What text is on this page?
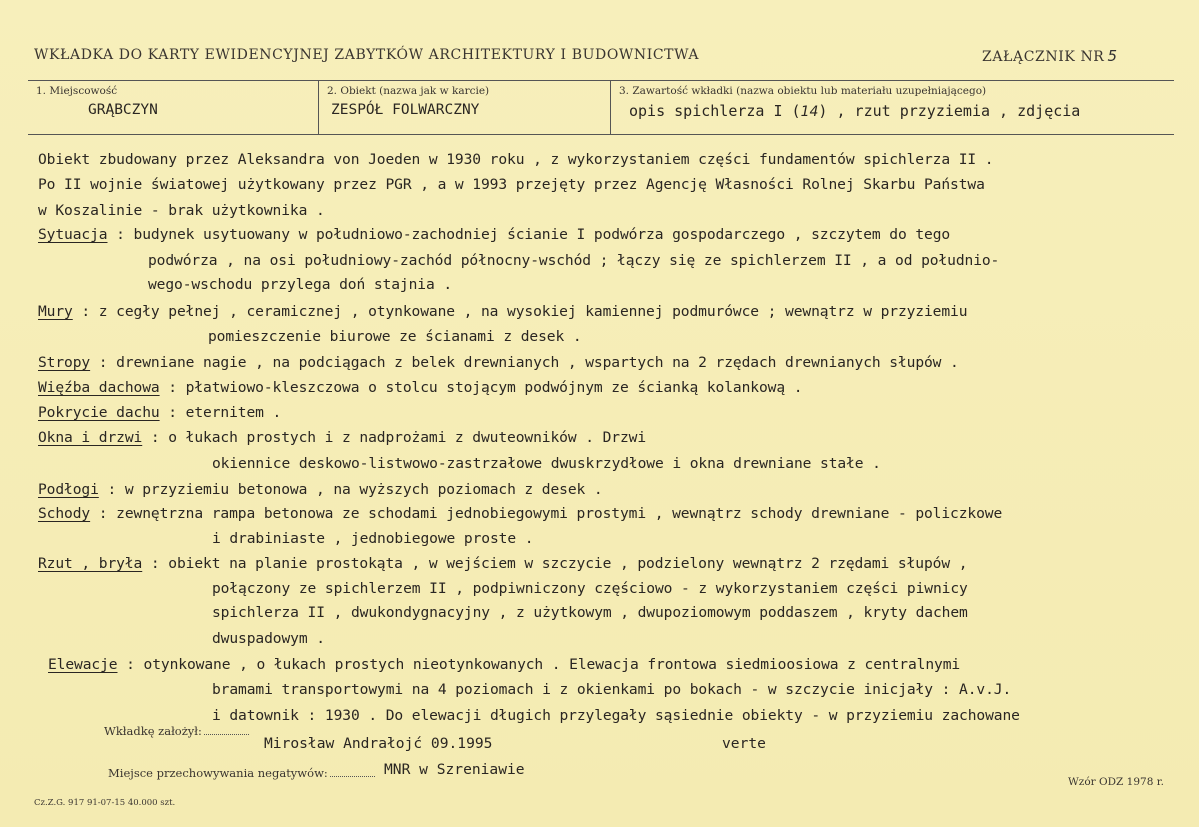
WKŁADKA DO KARTY EWIDENCYJNEJ ZABYTKÓW ARCHITEKTURY I BUDOWNICTWA	ZAŁĄCZNIK NR 5
1. Miejscowość
GRĄBCZYN
2. Obiekt (nazwa jak w karcie)
ZESPÓŁ FOLWARCZNY
3. Zawartość wkładki (nazwa obiektu lub materiału uzupełniającego)
opis spichlerza I (14) , rzut przyziemia , zdjęcia
Obiekt zbudowany przez Aleksandra von Joeden w 1930 roku , z wykorzystaniem części fundamentów spichlerza II .
Po II wojnie światowej użytkowany przez PGR , a w 1993 przejęty przez Agencję Własności Rolnej Skarbu Państwa
w Koszalinie - brak użytkownika .
Sytuacja : budynek usytuowany w południowo-zachodniej ścianie I podwórza gospodarczego , szczytem do tego
podwórza , na osi południowy-zachód północny-wschód ; łączy się ze spichlerzem II , a od południo-
wego-wschodu przylega doń stajnia .
Mury : z cegły pełnej , ceramicznej , otynkowane , na wysokiej kamiennej podmurówce ; wewnątrz w przyziemiu
pomieszczenie biurowe ze ścianami z desek .
Stropy : drewniane nagie , na podciągach z belek drewnianych , wspartych na 2 rzędach drewnianych słupów .
Więźba dachowa : płatwiowo-kleszczowa o stolcu stojącym podwójnym ze ścianką kolankową .
Pokrycie dachu : eternitem .
Okna i drzwi : o łukach prostych i z nadprożami z dwuteowników . Drzwi
okiennice deskowo-listwowo-zastrzałowe dwuskrzydłowe i okna drewniane stałe .
Podłogi : w przyziemiu betonowa , na wyższych poziomach z desek .
Schody : zewnętrzna rampa betonowa ze schodami jednobiegowymi prostymi , wewnątrz schody drewniane - policzkowe
i drabiniaste , jednobiegowe proste .
Rzut , bryła : obiekt na planie prostokąta , w wejściem w szczycie , podzielony wewnątrz 2 rzędami słupów ,
połączony ze spichlerzem II , podpiwniczony częściowo - z wykorzystaniem części piwnicy
spichlerza II , dwukondygnacyjny , z użytkowym , dwupoziomowym poddaszem , kryty dachem
dwuspadowym .
Elewacje : otynkowane , o łukach prostych nieotynkowanych . Elewacja frontowa siedmioosiowa z centralnymi
bramami transportowymi na 4 poziomach i z okienkami po bokach - w szczycie inicjały : A.v.J.
i datownik : 1930 . Do elewacji długich przylegały sąsiednie obiekty - w przyziemiu zachowane
Wkładkę założył:
Mirosław Andrałojć 09.1995	verte
Miejsce przechowywania negatywów:	MNR w Szreniawie
Wzór ODZ 1978 r.
Cz.Z.G. 917 91-07-15 40.000 szt.
